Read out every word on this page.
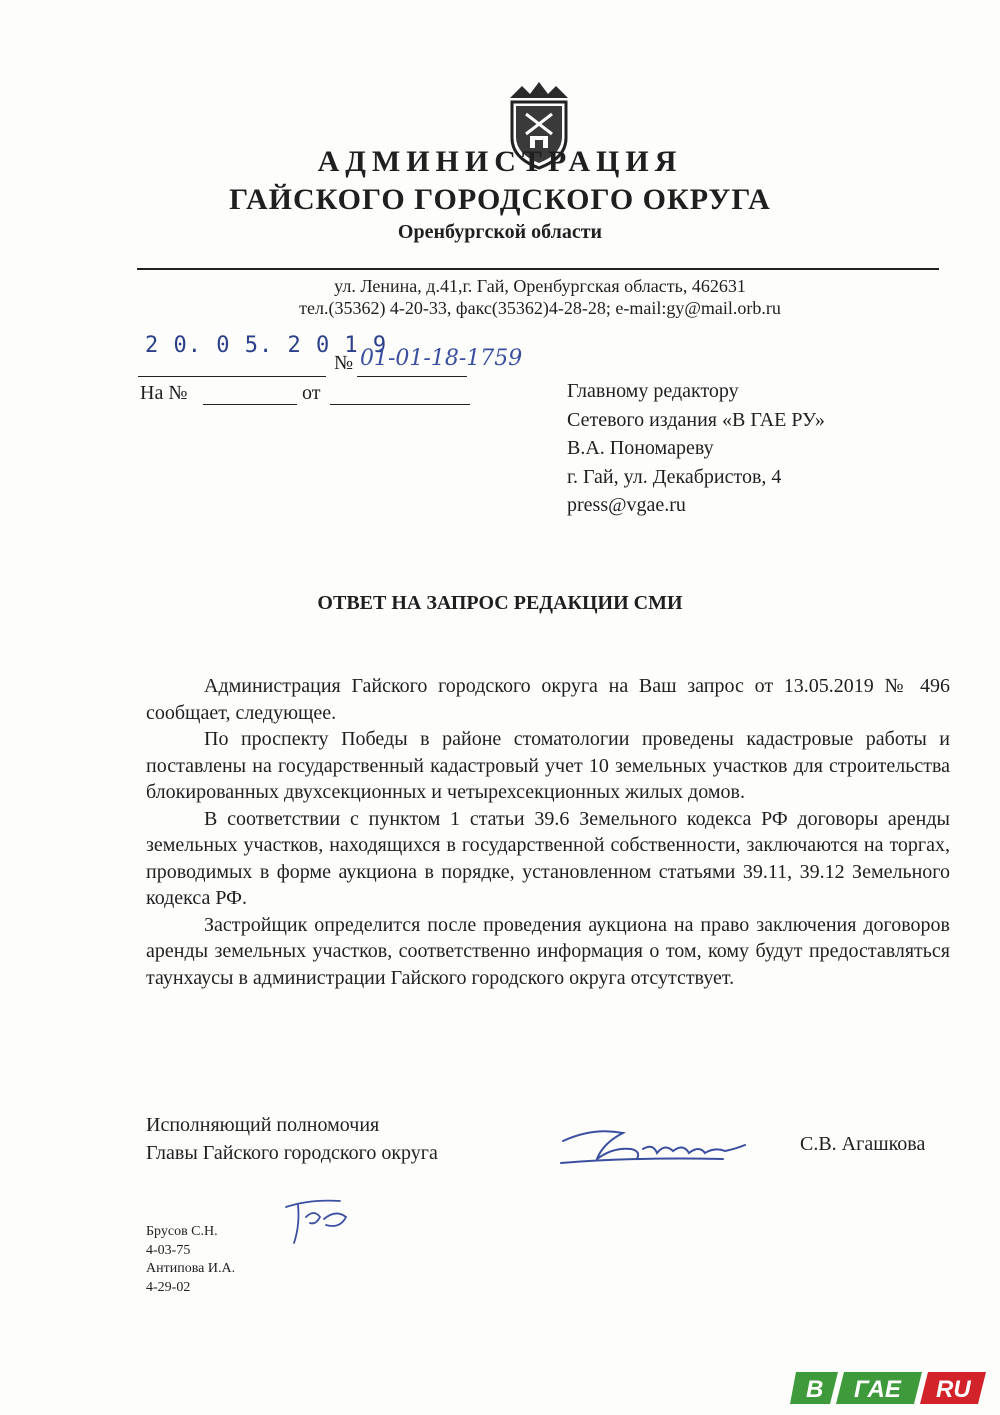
АДМИНИСТРАЦИЯ
ГАЙСКОГО ГОРОДСКОГО ОКРУГА
Оренбургской области
ул. Ленина, д.41,г. Гай, Оренбургская область, 462631
тел.(35362) 4-20-33, факс(35362)4-28-28; e-mail:gy@mail.orb.ru
2 0. 0 5. 2 0 1 9
№ 01-01-18-1759
На №	от	Главному редактору
Сетевого издания «В ГАЕ РУ»
В.А. Пономареву
г. Гай, ул. Декабристов, 4
press@vgae.ru
ОТВЕТ НА ЗАПРОС РЕДАКЦИИ СМИ

Администрация Гайского городского округа на Ваш запрос от 13.05.2019 № 496 сообщает, следующее.

По проспекту Победы в районе стоматологии проведены кадастровые работы и поставлены на государственный кадастровый учет 10 земельных участков для строительства блокированных двухсекционных и четырехсекционных жилых домов.

В соответствии с пунктом 1 статьи 39.6 Земельного кодекса РФ договоры аренды земельных участков, находящихся в государственной собственности, заключаются на торгах, проводимых в форме аукциона в порядке, установленном статьями 39.11, 39.12 Земельного кодекса РФ.

Застройщик определится после проведения аукциона на право заключения договоров аренды земельных участков, соответственно информация о том, кому будут предоставляться таунхаусы в администрации Гайского городского округа отсутствует.

Исполняющий полномочия
Главы Гайского городского округа	С.В. Агашкова
Брусов С.Н.
4-03-75
Антипова И.А.
4-29-02
В ГАЕ RU
